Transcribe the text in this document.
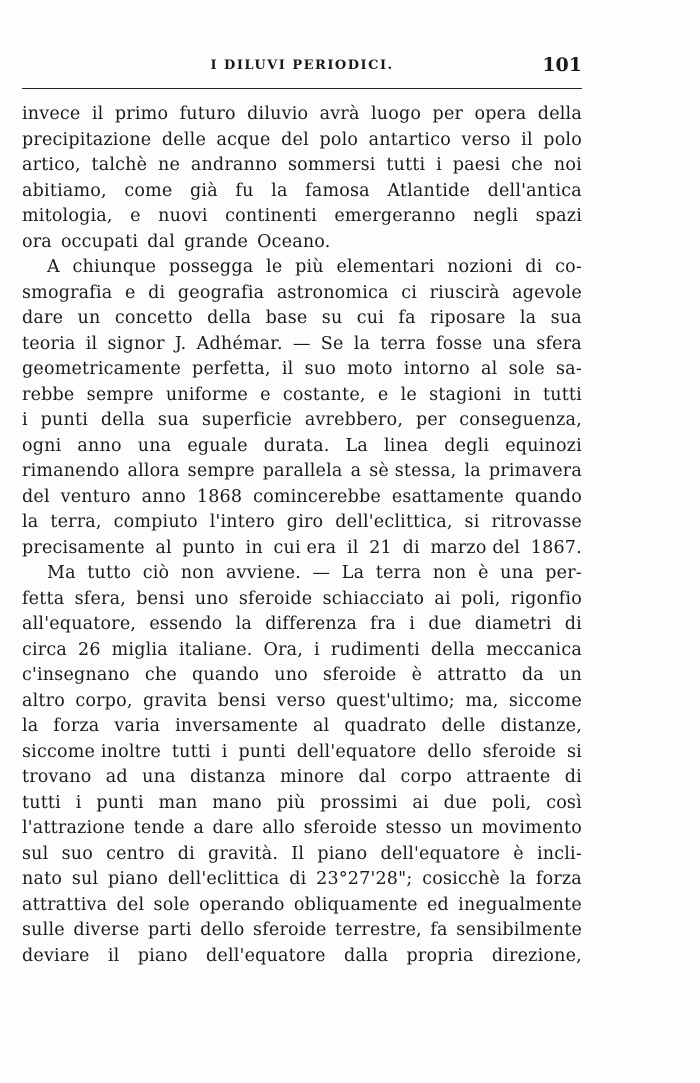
I DILUVI PERIODICI.	101
invece il primo futuro diluvio avrà luogo per opera della
precipitazione delle acque del polo antartico verso il polo
artico, talchè ne andranno sommersi tutti i paesi che noi
abitiamo, come già fu la famosa Atlantide dell'antica
mitologia, e nuovi continenti emergeranno negli spazi
ora occupati dal grande Oceano.
A chiunque possegga le più elementari nozioni di co-
smografia e di geografia astronomica ci riuscirà agevole
dare un concetto della base su cui fa riposare la sua
teoria il signor J. Adhémar. — Se la terra fosse una sfera
geometricamente perfetta, il suo moto intorno al sole sa-
rebbe sempre uniforme e costante, e le stagioni in tutti
i punti della sua superficie avrebbero, per conseguenza,
ogni anno una eguale durata. La linea degli equinozi
rimanendo allora sempre parallela a sè stessa, la primavera
del venturo anno 1868 comincerebbe esattamente quando
la terra, compiuto l'intero giro dell'eclittica, si ritrovasse
precisamente al punto in cui era il 21 di marzo del 1867.
Ma tutto ciò non avviene. — La terra non è una per-
fetta sfera, bensi uno sferoide schiacciato ai poli, rigonfio
all'equatore, essendo la differenza fra i due diametri di
circa 26 miglia italiane. Ora, i rudimenti della meccanica
c'insegnano che quando uno sferoide è attratto da un
altro corpo, gravita bensi verso quest'ultimo; ma, siccome
la forza varia inversamente al quadrato delle distanze,
siccome inoltre tutti i punti dell'equatore dello sferoide si
trovano ad una distanza minore dal corpo attraente di
tutti i punti man mano più prossimi ai due poli, così
l'attrazione tende a dare allo sferoide stesso un movimento
sul suo centro di gravità. Il piano dell'equatore è incli-
nato sul piano dell'eclittica di 23°27'28"; cosicchè la forza
attrattiva del sole operando obliquamente ed inegualmente
sulle diverse parti dello sferoide terrestre, fa sensibilmente
deviare il piano dell'equatore dalla propria direzione,
